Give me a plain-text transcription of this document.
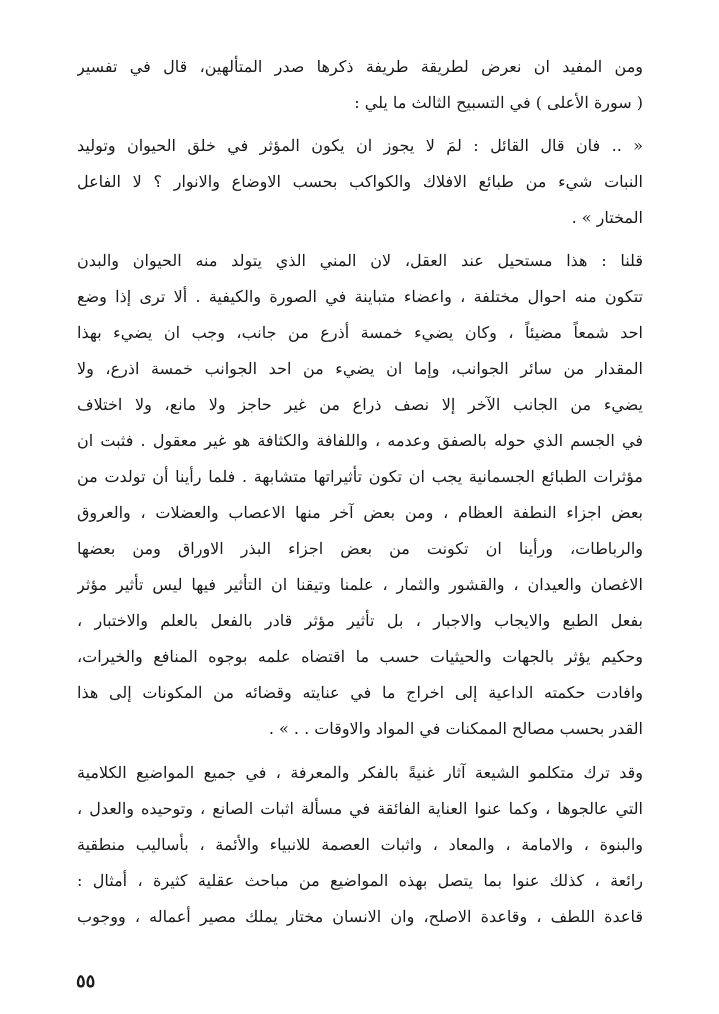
ومن المفيد ان نعرض لطريقة طريفة ذكرها صدر المتألهين، قال في تفسير
( سورة الأعلى ) في التسبيح الثالث ما يلي :
« .. فان قال القائل : لمَ لا يجوز ان يكون المؤثر في خلق الحيوان وتوليد
النبات شيء من طبائع الافلاك والكواكب بحسب الاوضاع والانوار ؟ لا الفاعل
المختار » .
قلنا : هذا مستحيل عند العقل، لان المني الذي يتولد منه الحيوان والبدن
تتكون منه احوال مختلفة ، واعضاء متباينة في الصورة والكيفية . ألا ترى إذا وضع
احد شمعاً مضيئاً ، وكان يضيء خمسة أذرع من جانب، وجب ان يضيء بهذا
المقدار من سائر الجوانب، وإما ان يضيء من احد الجوانب خمسة اذرع، ولا
يضيء من الجانب الآخر إلا نصف ذراع من غير حاجز ولا مانع، ولا اختلاف
في الجسم الذي حوله بالصفق وعدمه ، واللفافة والكثافة هو غير معقول . فثبت ان
مؤثرات الطبائع الجسمانية يجب ان تكون تأثيراتها متشابهة . فلما رأينا أن تولدت من
بعض اجزاء النطفة العظام ، ومن بعض آخر منها الاعصاب والعضلات ، والعروق
والرباطات، ورأينا ان تكونت من بعض اجزاء البذر الاوراق ومن بعضها
الاغصان والعيدان ، والقشور والثمار ، علمنا وتيقنا ان التأثير فيها ليس تأثير مؤثر
بفعل الطبع والايجاب والاجبار ، بل تأثير مؤثر قادر بالفعل بالعلم والاختبار ،
وحكيم يؤثر بالجهات والحيثيات حسب ما اقتضاه علمه بوجوه المنافع والخيرات،
وافادت حكمته الداعية إلى اخراج ما في عنايته وقضائه من المكونات إلى هذا
القدر بحسب مصالح الممكنات في المواد والاوقات . . » .
وقد ترك متكلمو الشيعة آثار غنيةً بالفكر والمعرفة ، في جميع المواضيع الكلامية
التي عالجوها ، وكما عنوا العناية الفائقة في مسألة اثبات الصانع ، وتوحيده والعدل ،
والبنوة ، والامامة ، والمعاد ، واثبات العصمة للانبياء والأئمة ، بأساليب منطقية
رائعة ، كذلك عنوا بما يتصل بهذه المواضيع من مباحث عقلية كثيرة ، أمثال :
قاعدة اللطف ، وقاعدة الاصلح، وان الانسان مختار يملك مصير أعماله ، ووجوب
٥٥
